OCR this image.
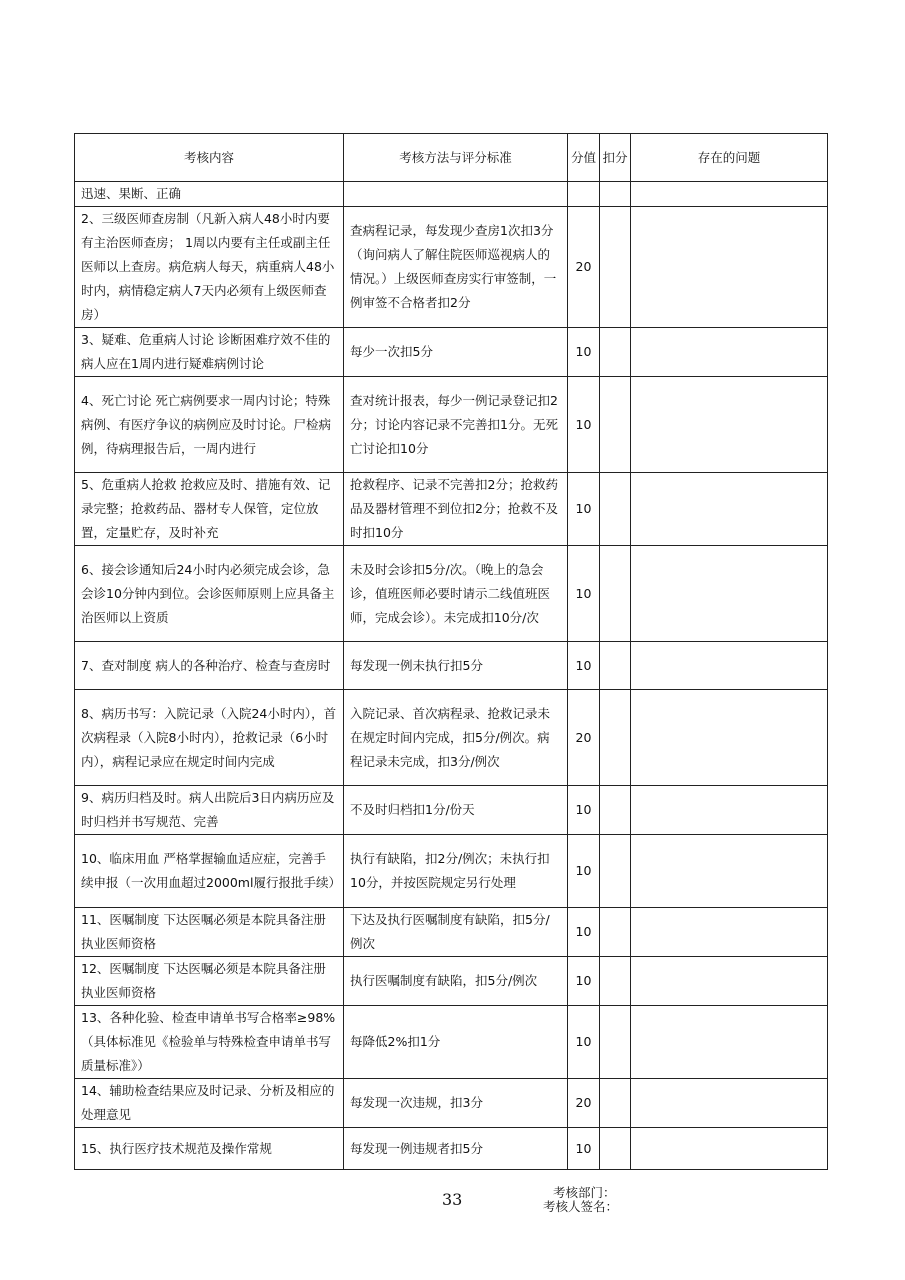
考核内容	考核方法与评分标准	分值	扣分	存在的问题
迅速、果断、正确				
2、三级医师查房制（凡新入病人48小时内要有主治医师查房； 1周以内要有主任或副主任医师以上查房。病危病人每天，病重病人48小时内，病情稳定病人7天内必须有上级医师查房）	查病程记录，每发现少查房1次扣3分（询问病人了解住院医师巡视病人的情况。）上级医师查房实行审签制，一例审签不合格者扣2分	20		
3、疑难、危重病人讨论 诊断困难疗效不佳的病人应在1周内进行疑难病例讨论	每少一次扣5分	10		
4、死亡讨论 死亡病例要求一周内讨论；特殊病例、有医疗争议的病例应及时讨论。尸检病例，待病理报告后，一周内进行	查对统计报表，每少一例记录登记扣2分；讨论内容记录不完善扣1分。无死亡讨论扣10分	10		
5、危重病人抢救 抢救应及时、措施有效、记录完整；抢救药品、器材专人保管，定位放置，定量贮存，及时补充	抢救程序、记录不完善扣2分；抢救药品及器材管理不到位扣2分；抢救不及时扣10分	10		
6、接会诊通知后24小时内必须完成会诊，急会诊10分钟内到位。会诊医师原则上应具备主治医师以上资质	未及时会诊扣5分/次。（晚上的急会诊，值班医师必要时请示二线值班医师，完成会诊）。未完成扣10分/次	10		
7、查对制度 病人的各种治疗、检查与查房时	每发现一例未执行扣5分	10		
8、病历书写：入院记录（入院24小时内），首次病程录（入院8小时内），抢救记录（6小时内），病程记录应在规定时间内完成	入院记录、首次病程录、抢救记录未在规定时间内完成，扣5分/例次。病程记录未完成，扣3分/例次	20		
9、病历归档及时。病人出院后3日内病历应及时归档并书写规范、完善	不及时归档扣1分/份天	10		
10、临床用血 严格掌握输血适应症，完善手续申报（一次用血超过2000ml履行报批手续）	执行有缺陷，扣2分/例次；未执行扣10分，并按医院规定另行处理	10		
11、医嘱制度 下达医嘱必须是本院具备注册执业医师资格	下达及执行医嘱制度有缺陷，扣5分/例次	10		
12、医嘱制度 下达医嘱必须是本院具备注册执业医师资格	执行医嘱制度有缺陷，扣5分/例次	10		
13、各种化验、检查申请单书写合格率≥98%（具体标准见《检验单与特殊检查申请单书写质量标准》）	每降低2%扣1分	10		
14、辅助检查结果应及时记录、分析及相应的处理意见	每发现一次违规，扣3分	20		
15、执行医疗技术规范及操作常规	每发现一例违规者扣5分	10		
33	考核部门：
考核人签名：
